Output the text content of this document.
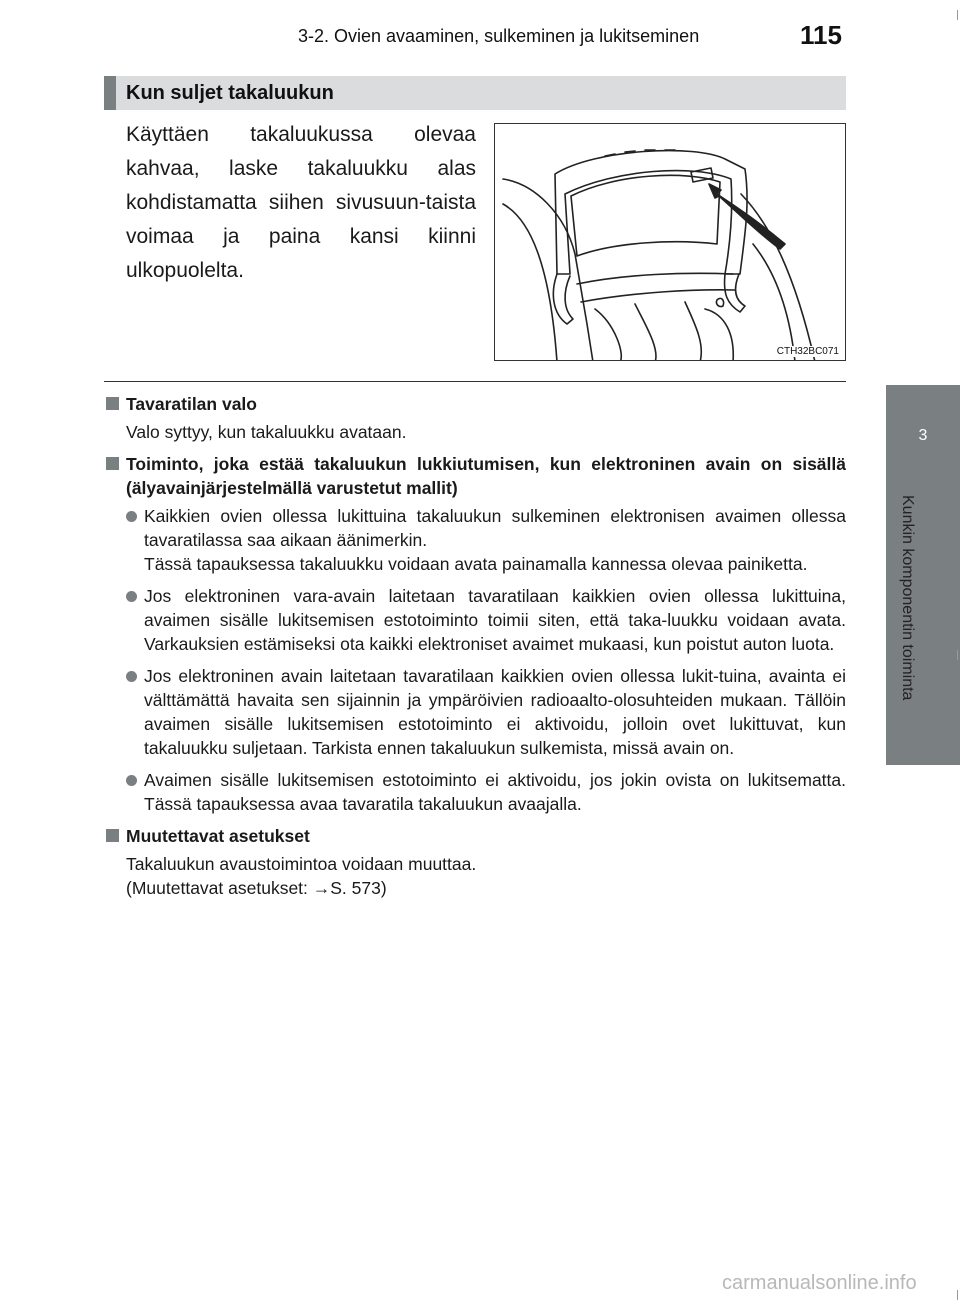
3-2. Ovien avaaminen, sulkeminen ja lukitseminen	115
3
Kunkin komponentin toiminta
Kun suljet takaluukun
Käyttäen takaluukussa olevaa kahvaa, laske takaluukku alas kohdistamatta siihen sivusuun-taista voimaa ja paina kansi kiinni ulkopuolelta.
CTH32BC071
Tavaratilan valo
Valo syttyy, kun takaluukku avataan.
Toiminto, joka estää takaluukun lukkiutumisen, kun elektroninen avain on sisällä (älyavainjärjestelmällä varustetut mallit)
Kaikkien ovien ollessa lukittuina takaluukun sulkeminen elektronisen avaimen ollessa tavaratilassa saa aikaan äänimerkin.
Tässä tapauksessa takaluukku voidaan avata painamalla kannessa olevaa painiketta.
Jos elektroninen vara-avain laitetaan tavaratilaan kaikkien ovien ollessa lukittuina, avaimen sisälle lukitsemisen estotoiminto toimii siten, että taka-luukku voidaan avata. Varkauksien estämiseksi ota kaikki elektroniset avaimet mukaasi, kun poistut auton luota.
Jos elektroninen avain laitetaan tavaratilaan kaikkien ovien ollessa lukit-tuina, avainta ei välttämättä havaita sen sijainnin ja ympäröivien radioaalto-olosuhteiden mukaan. Tällöin avaimen sisälle lukitsemisen estotoiminto ei aktivoidu, jolloin ovet lukittuvat, kun takaluukku suljetaan. Tarkista ennen takaluukun sulkemista, missä avain on.
Avaimen sisälle lukitsemisen estotoiminto ei aktivoidu, jos jokin ovista on lukitsematta. Tässä tapauksessa avaa tavaratila takaluukun avaajalla.
Muutettavat asetukset
Takaluukun avaustoimintoa voidaan muuttaa.
(Muutettavat asetukset: →S. 573)
carmanualsonline.info
